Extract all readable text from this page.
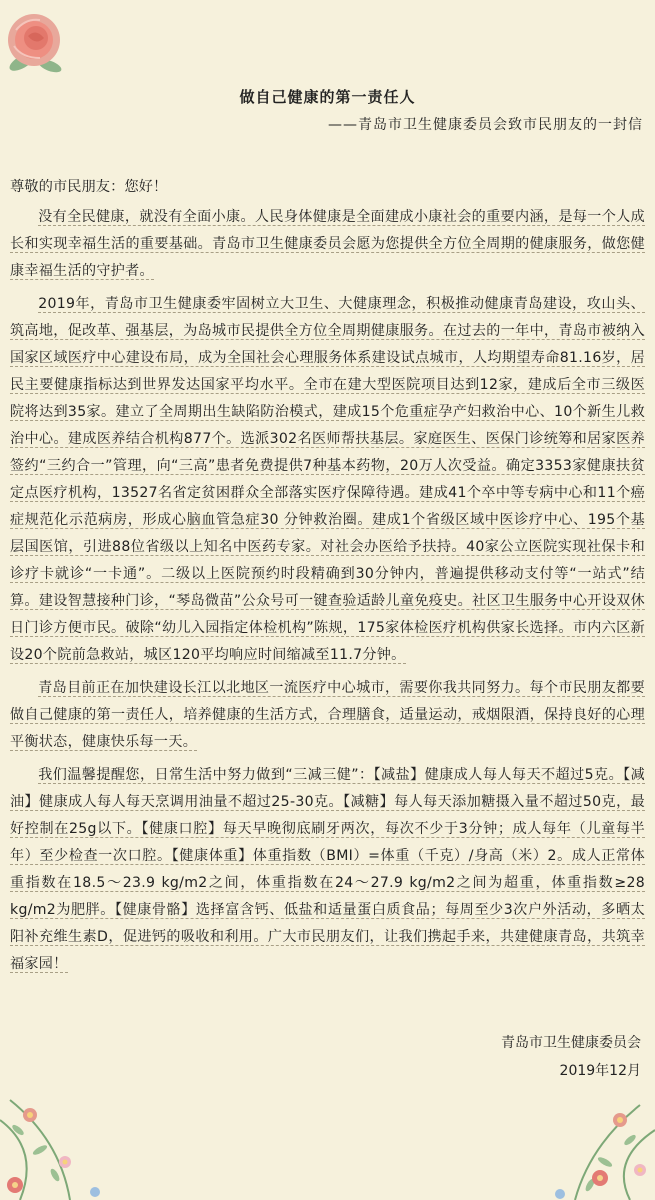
做自己健康的第一责任人
——青岛市卫生健康委员会致市民朋友的一封信
尊敬的市民朋友：您好！

没有全民健康，就没有全面小康。人民身体健康是全面建成小康社会的重要内涵，是每一个人成长和实现幸福生活的重要基础。青岛市卫生健康委员会愿为您提供全方位全周期的健康服务，做您健康幸福生活的守护者。

2019年，青岛市卫生健康委牢固树立大卫生、大健康理念，积极推动健康青岛建设，攻山头、筑高地，促改革、强基层，为岛城市民提供全方位全周期健康服务。在过去的一年中，青岛市被纳入国家区域医疗中心建设布局，成为全国社会心理服务体系建设试点城市，人均期望寿命81.16岁，居民主要健康指标达到世界发达国家平均水平。全市在建大型医院项目达到12家，建成后全市三级医院将达到35家。建立了全周期出生缺陷防治模式，建成15个危重症孕产妇救治中心、10个新生儿救治中心。建成医养结合机构877个。选派302名医师帮扶基层。家庭医生、医保门诊统筹和居家医养签约“三约合一”管理，向“三高”患者免费提供7种基本药物，20万人次受益。确定3353家健康扶贫定点医疗机构，13527名省定贫困群众全部落实医疗保障待遇。建成41个卒中等专病中心和11个癌症规范化示范病房，形成心脑血管急症30 分钟救治圈。建成1个省级区域中医诊疗中心、195个基层国医馆，引进88位省级以上知名中医药专家。对社会办医给予扶持。40家公立医院实现社保卡和诊疗卡就诊“一卡通”。二级以上医院预约时段精确到30分钟内，普遍提供移动支付等“一站式”结算。建设智慧接种门诊，“琴岛微苗”公众号可一键查验适龄儿童免疫史。社区卫生服务中心开设双休日门诊方便市民。破除“幼儿入园指定体检机构”陈规，175家体检医疗机构供家长选择。市内六区新设20个院前急救站，城区120平均响应时间缩减至11.7分钟。

青岛目前正在加快建设长江以北地区一流医疗中心城市，需要你我共同努力。每个市民朋友都要做自己健康的第一责任人，培养健康的生活方式，合理膳食，适量运动，戒烟限酒，保持良好的心理平衡状态，健康快乐每一天。

我们温馨提醒您，日常生活中努力做到“三减三健”：【减盐】健康成人每人每天不超过5克。【减油】健康成人每人每天烹调用油量不超过25-30克。【减糖】每人每天添加糖摄入量不超过50克，最好控制在25g以下。【健康口腔】每天早晚彻底刷牙两次，每次不少于3分钟；成人每年（儿童每半年）至少检查一次口腔。【健康体重】体重指数（BMI）=体重（千克）/身高（米）2。成人正常体重指数在18.5～23.9 kg/m2之间，体重指数在24～27.9 kg/m2之间为超重，体重指数≥28 kg/m2为肥胖。【健康骨骼】选择富含钙、低盐和适量蛋白质食品；每周至少3次户外活动，多晒太阳补充维生素D，促进钙的吸收和利用。广大市民朋友们，让我们携起手来，共建健康青岛，共筑幸福家园！

青岛市卫生健康委员会
2019年12月
